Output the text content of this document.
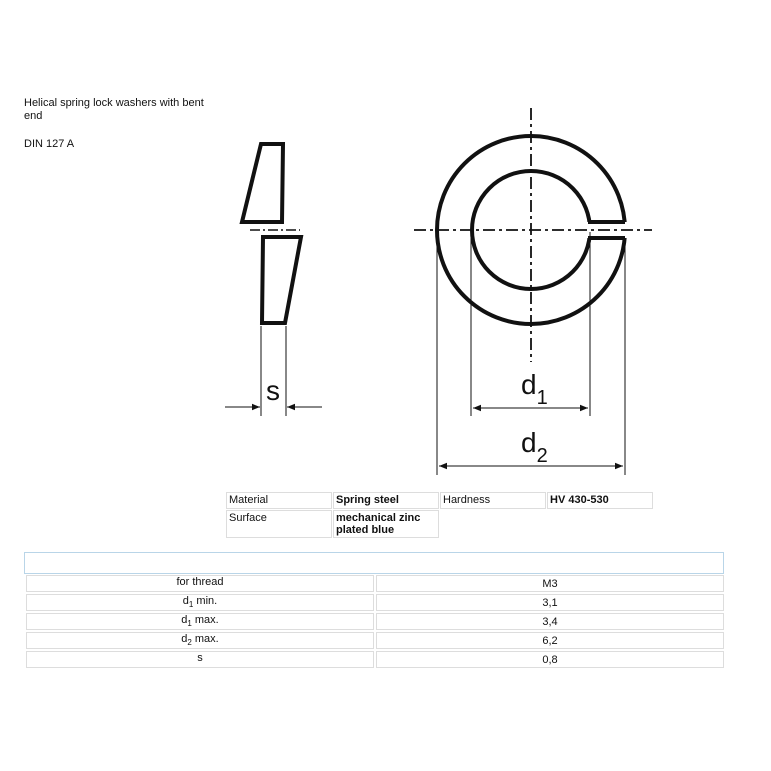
Helical spring lock washers with bent end
DIN 127 A
s	$d_1$
$d_2$
Material	Spring steel	Hardness	HV 430-530
Surface	mechanical zinc plated blue		
for thread	M3
$d_1$ min.	3,1
$d_1$ max.	3,4
$d_2$ max.	6,2
s	0,8
